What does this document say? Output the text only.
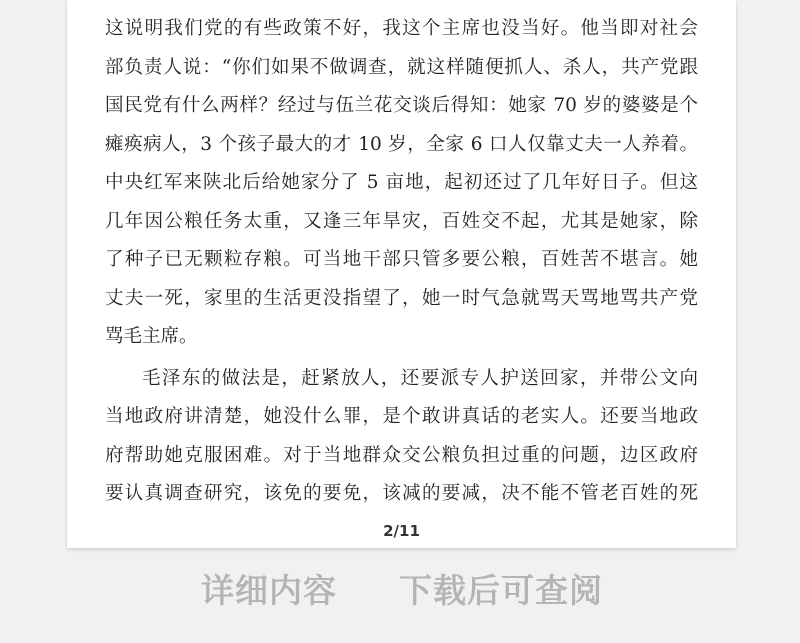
这说明我们党的有些政策不好，我这个主席也没当好。他当即对社会
部负责人说：“你们如果不做调查，就这样随便抓人、杀人，共产党跟
国民党有什么两样？经过与伍兰花交谈后得知：她家 70 岁的婆婆是个
瘫痪病人，3 个孩子最大的才 10 岁，全家 6 口人仅靠丈夫一人养着。
中央红军来陕北后给她家分了 5 亩地，起初还过了几年好日子。但这
几年因公粮任务太重，又逢三年旱灾，百姓交不起，尤其是她家，除
了种子已无颗粒存粮。可当地干部只管多要公粮，百姓苦不堪言。她
丈夫一死，家里的生活更没指望了，她一时气急就骂天骂地骂共产党
骂毛主席。
毛泽东的做法是，赶紧放人，还要派专人护送回家，并带公文向
当地政府讲清楚，她没什么罪，是个敢讲真话的老实人。还要当地政
府帮助她克服困难。对于当地群众交公粮负担过重的问题，边区政府
要认真调查研究，该免的要免，该减的要减，决不能不管老百姓的死
2/11
详细内容 下载后可查阅
